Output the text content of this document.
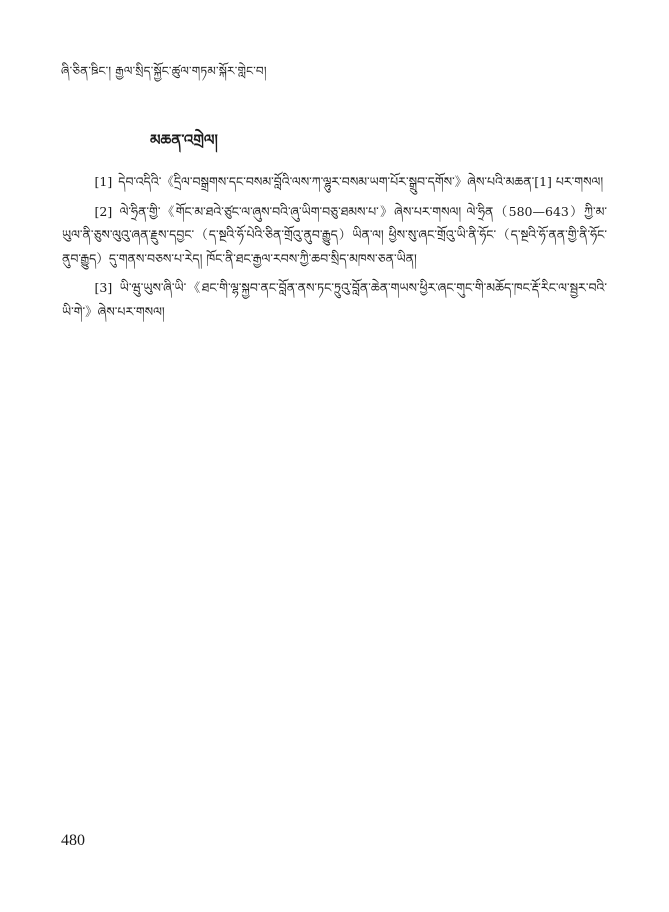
ཞི་ཅིན་ཋིང་། རྒྱལ་སྲིད་སྐྱོང་ཚུལ་གཏམ་སྐོར་གླེང་བ།
མཆན་འགྲེལ།

[1] དེབ་འདིའི་《དྲིལ་བསྒྲགས་དང་བསམ་བློའི་ལས་ཀ་ལྷུར་བསམ་ཡག་པོར་སྒྲུབ་དགོས་》ཞེས་པའི་མཆན་[1] པར་གསལ།

[2] ལེ་ཧྲིན་གྱི་《གོང་མ་ཐའེ་ཙུང་ལ་ཞུས་བའི་ཞུ་ཡིག་བཅུ་ཐམས་པ་》ཞེས་པར་གསལ། ལེ་ཧྲིན（580—643）ཀྱི་མ་ཡུལ་ནི་ཅུས་ལུའུ་ཞན་རྗུས་དབྱང་（ད་སྔའི་ཧོ་པེའི་ཅིན་གྲོའུ་ནུབ་རྒྱུད）ཡིན་ལ། ཕྱིས་སུ་ཞང་གྲོའུ་ཡི་ནི་ཧོང་（ད་སྔའི་ཧོ་ནན་གྱི་ནི་ཧོང་ནུབ་རྒྱུད）དུ་གནས་བཅས་པ་རེད། ཁོང་ནི་ཐང་རྒྱལ་རབས་ཀྱི་ཆབ་སྲིད་མཁས་ཅན་ཡིན།

[3] ཡི་ཝུ་ཡུས་ཞི་ཡི་《ཐང་གི་ལྷ་སྐྱབ་ནང་བློན་ནས་ཏང་ཏྲུའུ་བློན་ཆེན་གཡས་ཕྱིར་ཞང་གུང་གི་མཆོད་ཁང་རྡོ་རིང་ལ་སྦྱར་བའི་ཡི་གེ་》ཞེས་པར་གསལ།

480
